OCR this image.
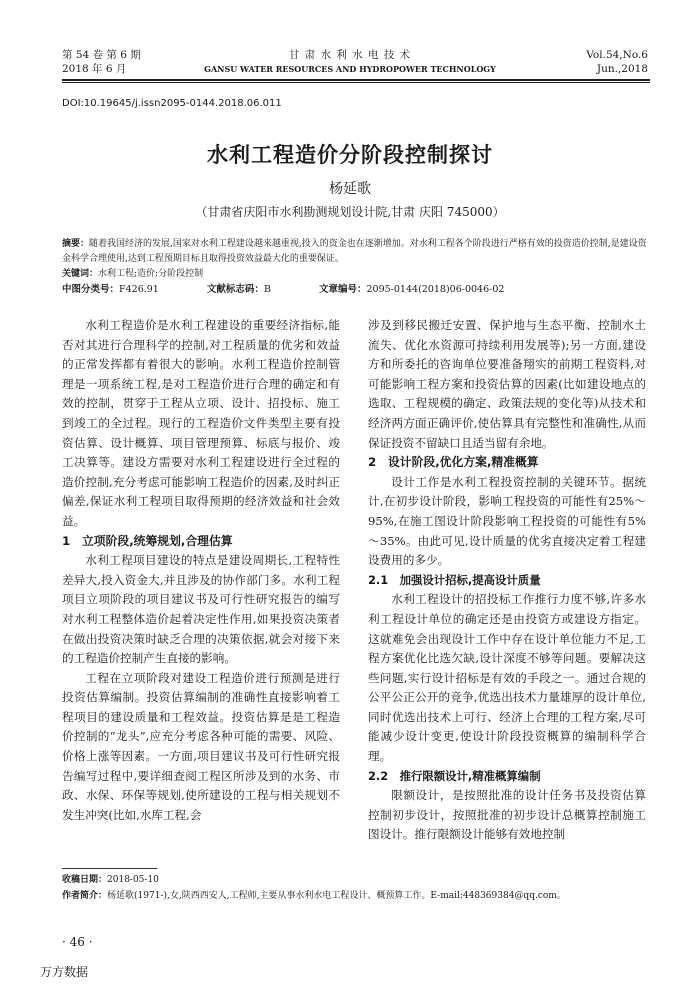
第 54 卷 第 6 期
2018 年 6 月
甘 肃 水 利 水 电 技 术
GANSU WATER RESOURCES AND HYDROPOWER TECHNOLOGY
Vol.54,No.6
Jun.,2018
DOI:10.19645/j.issn2095-0144.2018.06.011
水利工程造价分阶段控制探讨
杨延歌
（甘肃省庆阳市水利勘测规划设计院,甘肃 庆阳 745000）
摘要：随着我国经济的发展,国家对水利工程建设越来越重视,投入的资金也在逐渐增加。对水利工程各个阶段进行严格有效的投资造价控制,是建设资金科学合理使用,达到工程预期目标且取得投资效益最大化的重要保证。
关键词：水利工程;造价;分阶段控制
中图分类号：F426.91	文献标志码：B	文章编号：2095-0144(2018)06-0046-02

水利工程造价是水利工程建设的重要经济指标,能否对其进行合理科学的控制,对工程质量的优劣和效益的正常发挥都有着很大的影响。水利工程造价控制管理是一项系统工程,是对工程造价进行合理的确定和有效的控制，贯穿于工程从立项、设计、招投标、施工到竣工的全过程。现行的工程造价文件类型主要有投资估算、设计概算、项目管理预算、标底与报价、竣工决算等。建设方需要对水利工程建设进行全过程的造价控制,充分考虑可能影响工程造价的因素,及时纠正偏差,保证水利工程项目取得预期的经济效益和社会效益。

1　立项阶段,统筹规划,合理估算

水利工程项目建设的特点是建设周期长,工程特性差异大,投入资金大,并且涉及的协作部门多。水利工程项目立项阶段的项目建议书及可行性研究报告的编写对水利工程整体造价起着决定性作用,如果投资决策者在做出投资决策时缺乏合理的决策依据,就会对接下来的工程造价控制产生直接的影响。

工程在立项阶段对建设工程造价进行预测是进行投资估算编制。投资估算编制的准确性直接影响着工程项目的建设质量和工程效益。投资估算是是工程造价控制的“龙头”,应充分考虑各种可能的需要、风险、价格上涨等因素。一方面,项目建议书及可行性研究报告编写过程中,要详细查阅工程区所涉及到的水务、市政、水保、环保等规划,使所建设的工程与相关规划不发生冲突(比如,水库工程,会

涉及到移民搬迁安置、保护地与生态平衡、控制水土流失、优化水资源可持续利用发展等);另一方面,建设方和所委托的咨询单位要准备翔实的前期工程资料,对可能影响工程方案和投资估算的因素(比如建设地点的选取、工程规模的确定、政策法规的变化等)从技术和经济两方面正确评价,使估算具有完整性和准确性,从而保证投资不留缺口且适当留有余地。

2　设计阶段,优化方案,精准概算

设计工作是水利工程投资控制的关键环节。据统计,在初步设计阶段，影响工程投资的可能性有25%～95%,在施工图设计阶段影响工程投资的可能性有5%～35%。由此可见,设计质量的优劣直接决定着工程建设费用的多少。

2.1　加强设计招标,提高设计质量

水利工程设计的招投标工作推行力度不够,许多水利工程设计单位的确定还是由投资方或建设方指定。这就难免会出现设计工作中存在设计单位能力不足,工程方案优化比选欠缺,设计深度不够等问题。要解决这些问题,实行设计招标是有效的手段之一。通过合规的公平公正公开的竞争,优选出技术力量雄厚的设计单位,同时优选出技术上可行、经济上合理的工程方案,尽可能减少设计变更,使设计阶段投资概算的编制科学合理。

2.2　推行限额设计,精准概算编制

限额设计，是按照批准的设计任务书及投资估算控制初步设计，按照批准的初步设计总概算控制施工图设计。推行限额设计能够有效地控制

收稿日期：2018-05-10
作者简介：杨延歌(1971-),女,陕西西安人,工程师,主要从事水利水电工程设计、概预算工作。E-mail:448369384@qq.com。
· 46 ·
万方数据
